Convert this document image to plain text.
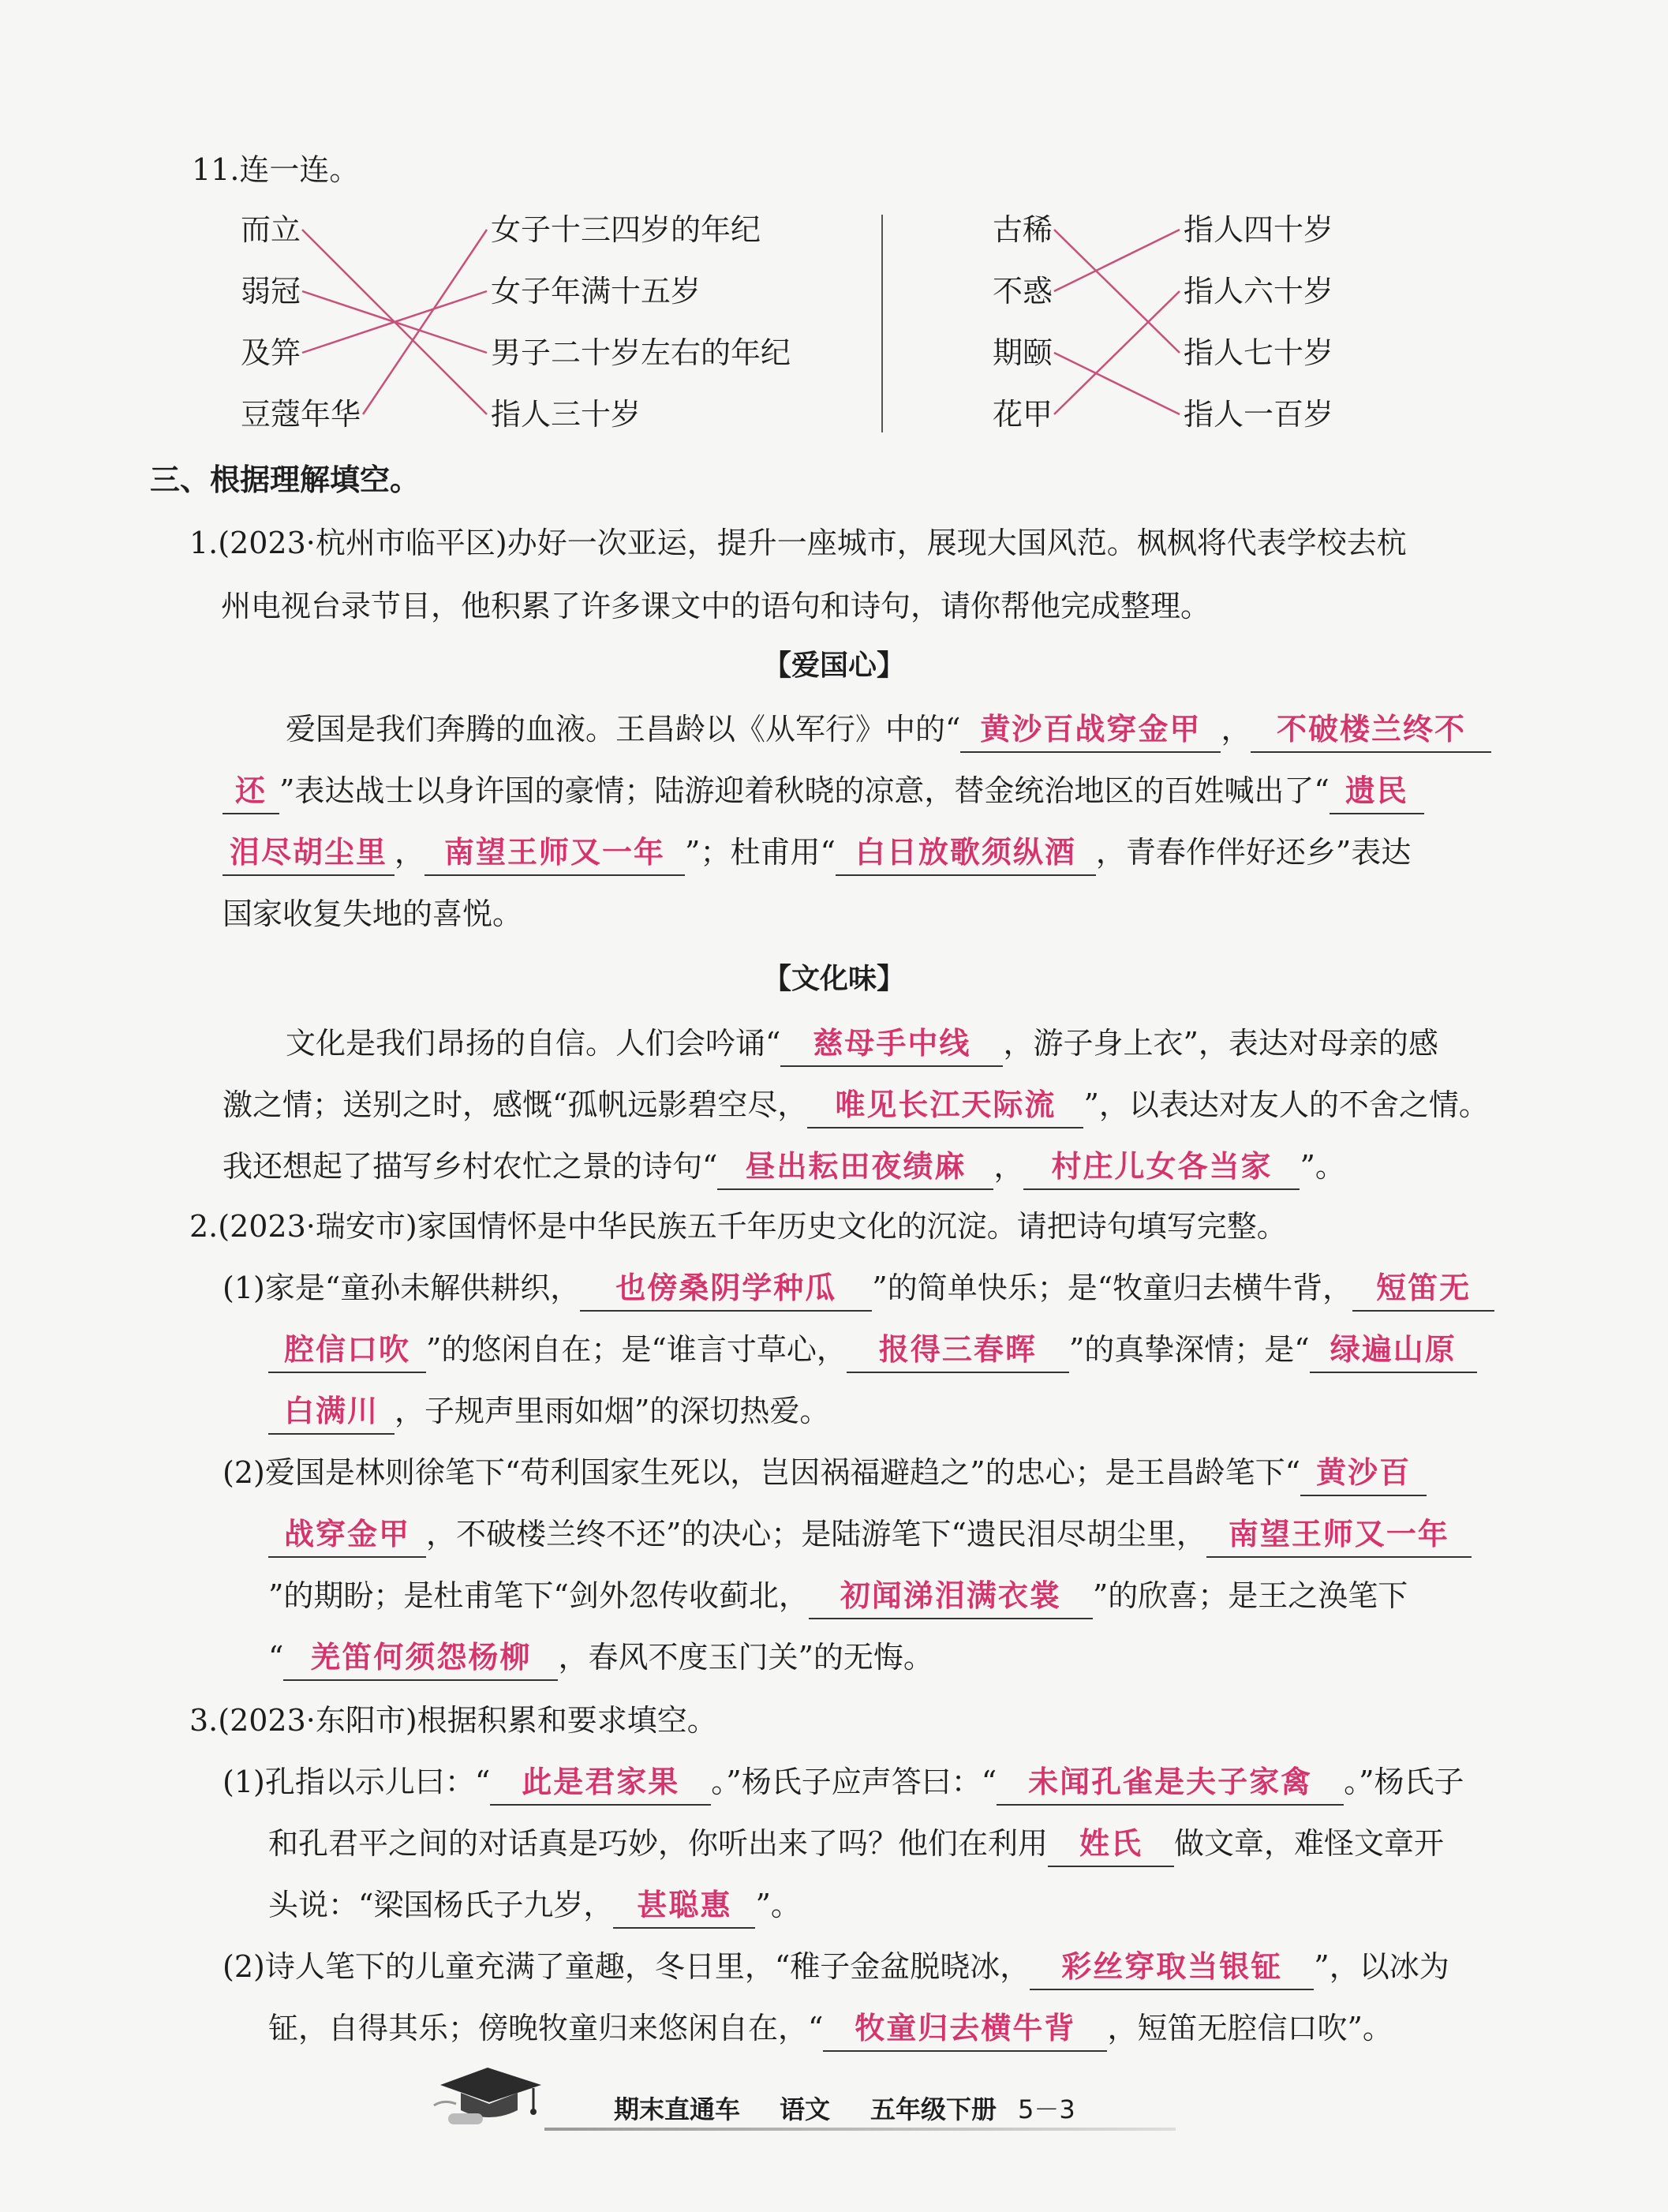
11.连一连。
而立
弱冠
及笄
豆蔻年华
女子十三四岁的年纪
女子年满十五岁
男子二十岁左右的年纪
指人三十岁
古稀
不惑
期颐
花甲
指人四十岁
指人六十岁
指人七十岁
指人一百岁
三、根据理解填空。
1.(2023·杭州市临平区)办好一次亚运，提升一座城市，展现大国风范。枫枫将代表学校去杭
州电视台录节目，他积累了许多课文中的语句和诗句，请你帮他完成整理。
【爱国心】
爱国是我们奔腾的血液。王昌龄以《从军行》中的“ 黄沙百战穿金甲 ， 不破楼兰终不
还 ”表达战士以身许国的豪情；陆游迎着秋晓的凉意，替金统治地区的百姓喊出了“ 遗民
泪尽胡尘里 ， 南望王师又一年 ”；杜甫用“ 白日放歌须纵酒 ，青春作伴好还乡”表达
国家收复失地的喜悦。
【文化味】
文化是我们昂扬的自信。人们会吟诵“ 慈母手中线 ，游子身上衣”，表达对母亲的感
激之情；送别之时，感慨“孤帆远影碧空尽， 唯见长江天际流 ”，以表达对友人的不舍之情。
我还想起了描写乡村农忙之景的诗句“ 昼出耘田夜绩麻 ， 村庄儿女各当家 ”。
2.(2023·瑞安市)家国情怀是中华民族五千年历史文化的沉淀。请把诗句填写完整。
(1)家是“童孙未解供耕织， 也傍桑阴学种瓜 ”的简单快乐；是“牧童归去横牛背， 短笛无
腔信口吹 ”的悠闲自在；是“谁言寸草心， 报得三春晖 ”的真挚深情；是“ 绿遍山原
白满川 ，子规声里雨如烟”的深切热爱。
(2)爱国是林则徐笔下“苟利国家生死以，岂因祸福避趋之”的忠心；是王昌龄笔下“ 黄沙百
战穿金甲 ，不破楼兰终不还”的决心；是陆游笔下“遗民泪尽胡尘里， 南望王师又一年
”的期盼；是杜甫笔下“剑外忽传收蓟北， 初闻涕泪满衣裳 ”的欣喜；是王之涣笔下
“ 羌笛何须怨杨柳 ，春风不度玉门关”的无悔。
3.(2023·东阳市)根据积累和要求填空。
(1)孔指以示儿曰：“ 此是君家果 。”杨氏子应声答曰：“ 未闻孔雀是夫子家禽 。”杨氏子
和孔君平之间的对话真是巧妙，你听出来了吗？他们在利用 姓氏 做文章，难怪文章开
头说：“梁国杨氏子九岁， 甚聪惠 ”。
(2)诗人笔下的儿童充满了童趣，冬日里，“稚子金盆脱晓冰， 彩丝穿取当银钲 ”，以冰为
钲，自得其乐；傍晚牧童归来悠闲自在，“ 牧童归去横牛背 ，短笛无腔信口吹”。
期末直通车 语文 五年级下册 5－3
